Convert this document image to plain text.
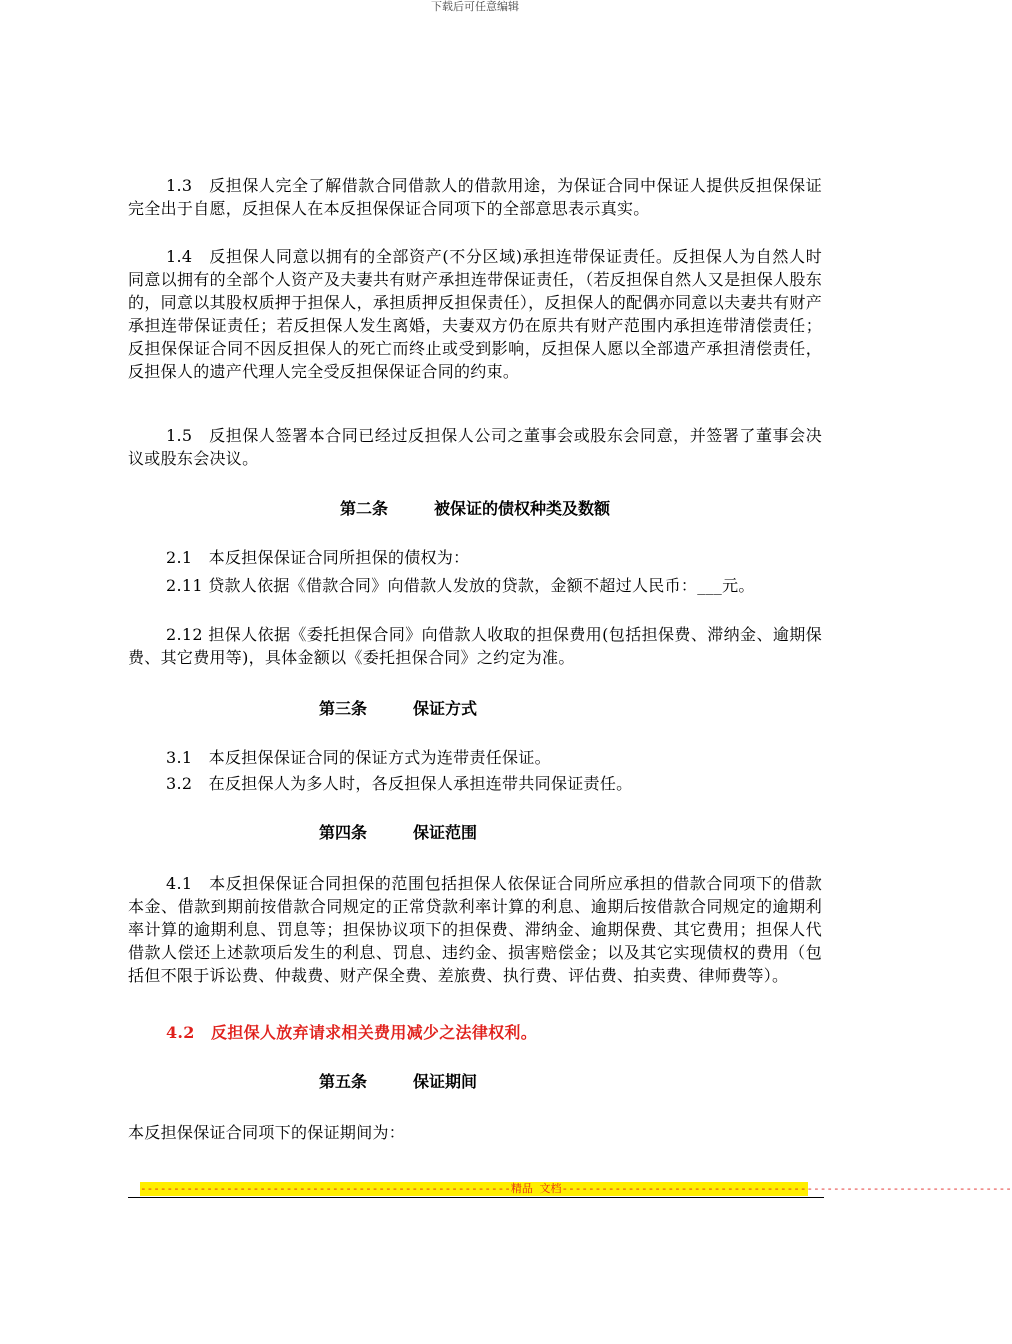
下载后可任意编辑

1.3　反担保人完全了解借款合同借款人的借款用途，为保证合同中保证人提供反担保保证完全出于自愿，反担保人在本反担保保证合同项下的全部意思表示真实。

1.4　反担保人同意以拥有的全部资产(不分区域)承担连带保证责任。反担保人为自然人时同意以拥有的全部个人资产及夫妻共有财产承担连带保证责任，（若反担保自然人又是担保人股东的，同意以其股权质押于担保人，承担质押反担保责任），反担保人的配偶亦同意以夫妻共有财产承担连带保证责任；若反担保人发生离婚，夫妻双方仍在原共有财产范围内承担连带清偿责任；反担保保证合同不因反担保人的死亡而终止或受到影响，反担保人愿以全部遗产承担清偿责任，反担保人的遗产代理人完全受反担保保证合同的约束。

1.5　反担保人签署本合同已经过反担保人公司之董事会或股东会同意，并签署了董事会决议或股东会决议。

第二条	被保证的债权种类及数额

2.1　本反担保保证合同所担保的债权为：

2.11 贷款人依据《借款合同》向借款人发放的贷款，金额不超过人民币：___元。

2.12 担保人依据《委托担保合同》向借款人收取的担保费用(包括担保费、滞纳金、逾期保费、其它费用等)，具体金额以《委托担保合同》之约定为准。

第三条	保证方式

3.1　本反担保保证合同的保证方式为连带责任保证。

3.2　在反担保人为多人时，各反担保人承担连带共同保证责任。

第四条	保证范围

4.1　本反担保保证合同担保的范围包括担保人依保证合同所应承担的借款合同项下的借款本金、借款到期前按借款合同规定的正常贷款利率计算的利息、逾期后按借款合同规定的逾期利率计算的逾期利息、罚息等；担保协议项下的担保费、滞纳金、逾期保费、其它费用；担保人代借款人偿还上述款项后发生的利息、罚息、违约金、损害赔偿金；以及其它实现债权的费用（包括但不限于诉讼费、仲裁费、财产保全费、差旅费、执行费、评估费、拍卖费、律师费等）。

4.2　反担保人放弃请求相关费用减少之法律权利。

第五条	保证期间

本反担保保证合同项下的保证期间为：

--------------------------------------------------------精品 文档--------------------------------------------------------------------
